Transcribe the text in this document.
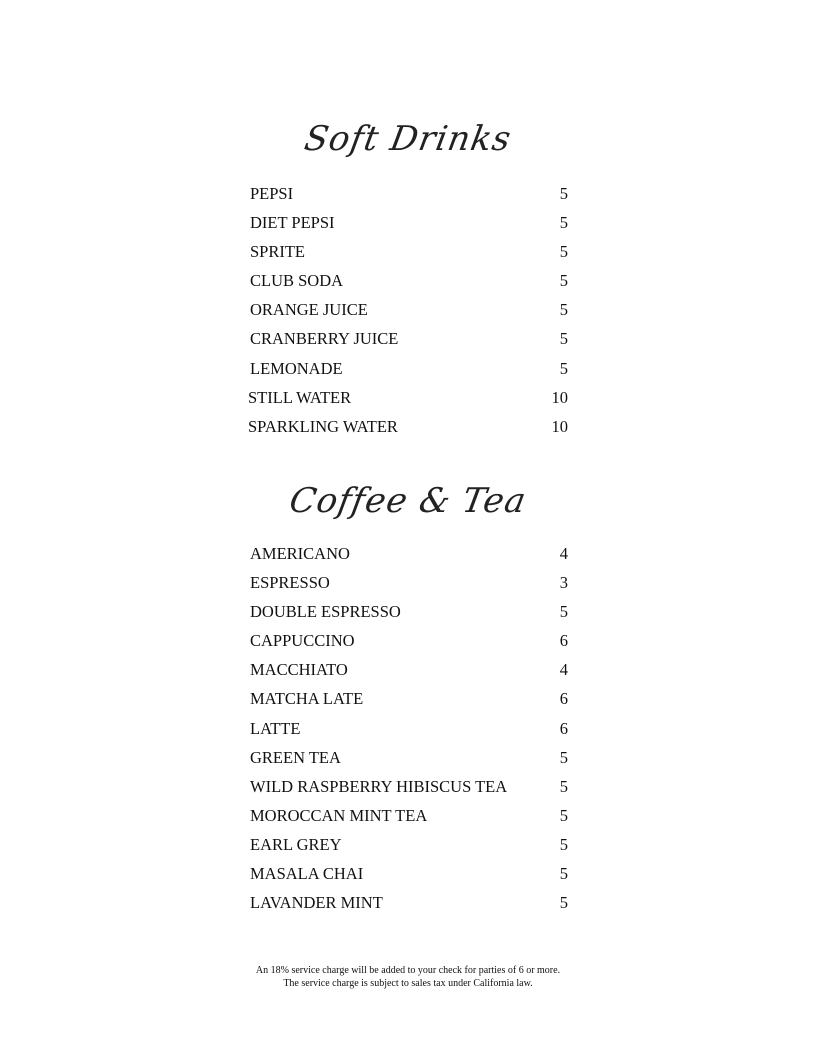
Soft Drinks
PEPSI	5
DIET PEPSI	5
SPRITE	5
CLUB SODA	5
ORANGE JUICE	5
CRANBERRY JUICE	5
LEMONADE	5
STILL WATER	10
SPARKLING WATER	10
Coffee & Tea
AMERICANO	4
ESPRESSO	3
DOUBLE ESPRESSO	5
CAPPUCCINO	6
MACCHIATO	4
MATCHA LATE	6
LATTE	6
GREEN TEA	5
WILD RASPBERRY HIBISCUS TEA	5
MOROCCAN MINT TEA	5
EARL GREY	5
MASALA CHAI	5
LAVANDER MINT	5
An 18% service charge will be added to your check for parties of 6 or more.
The service charge is subject to sales tax under California law.
